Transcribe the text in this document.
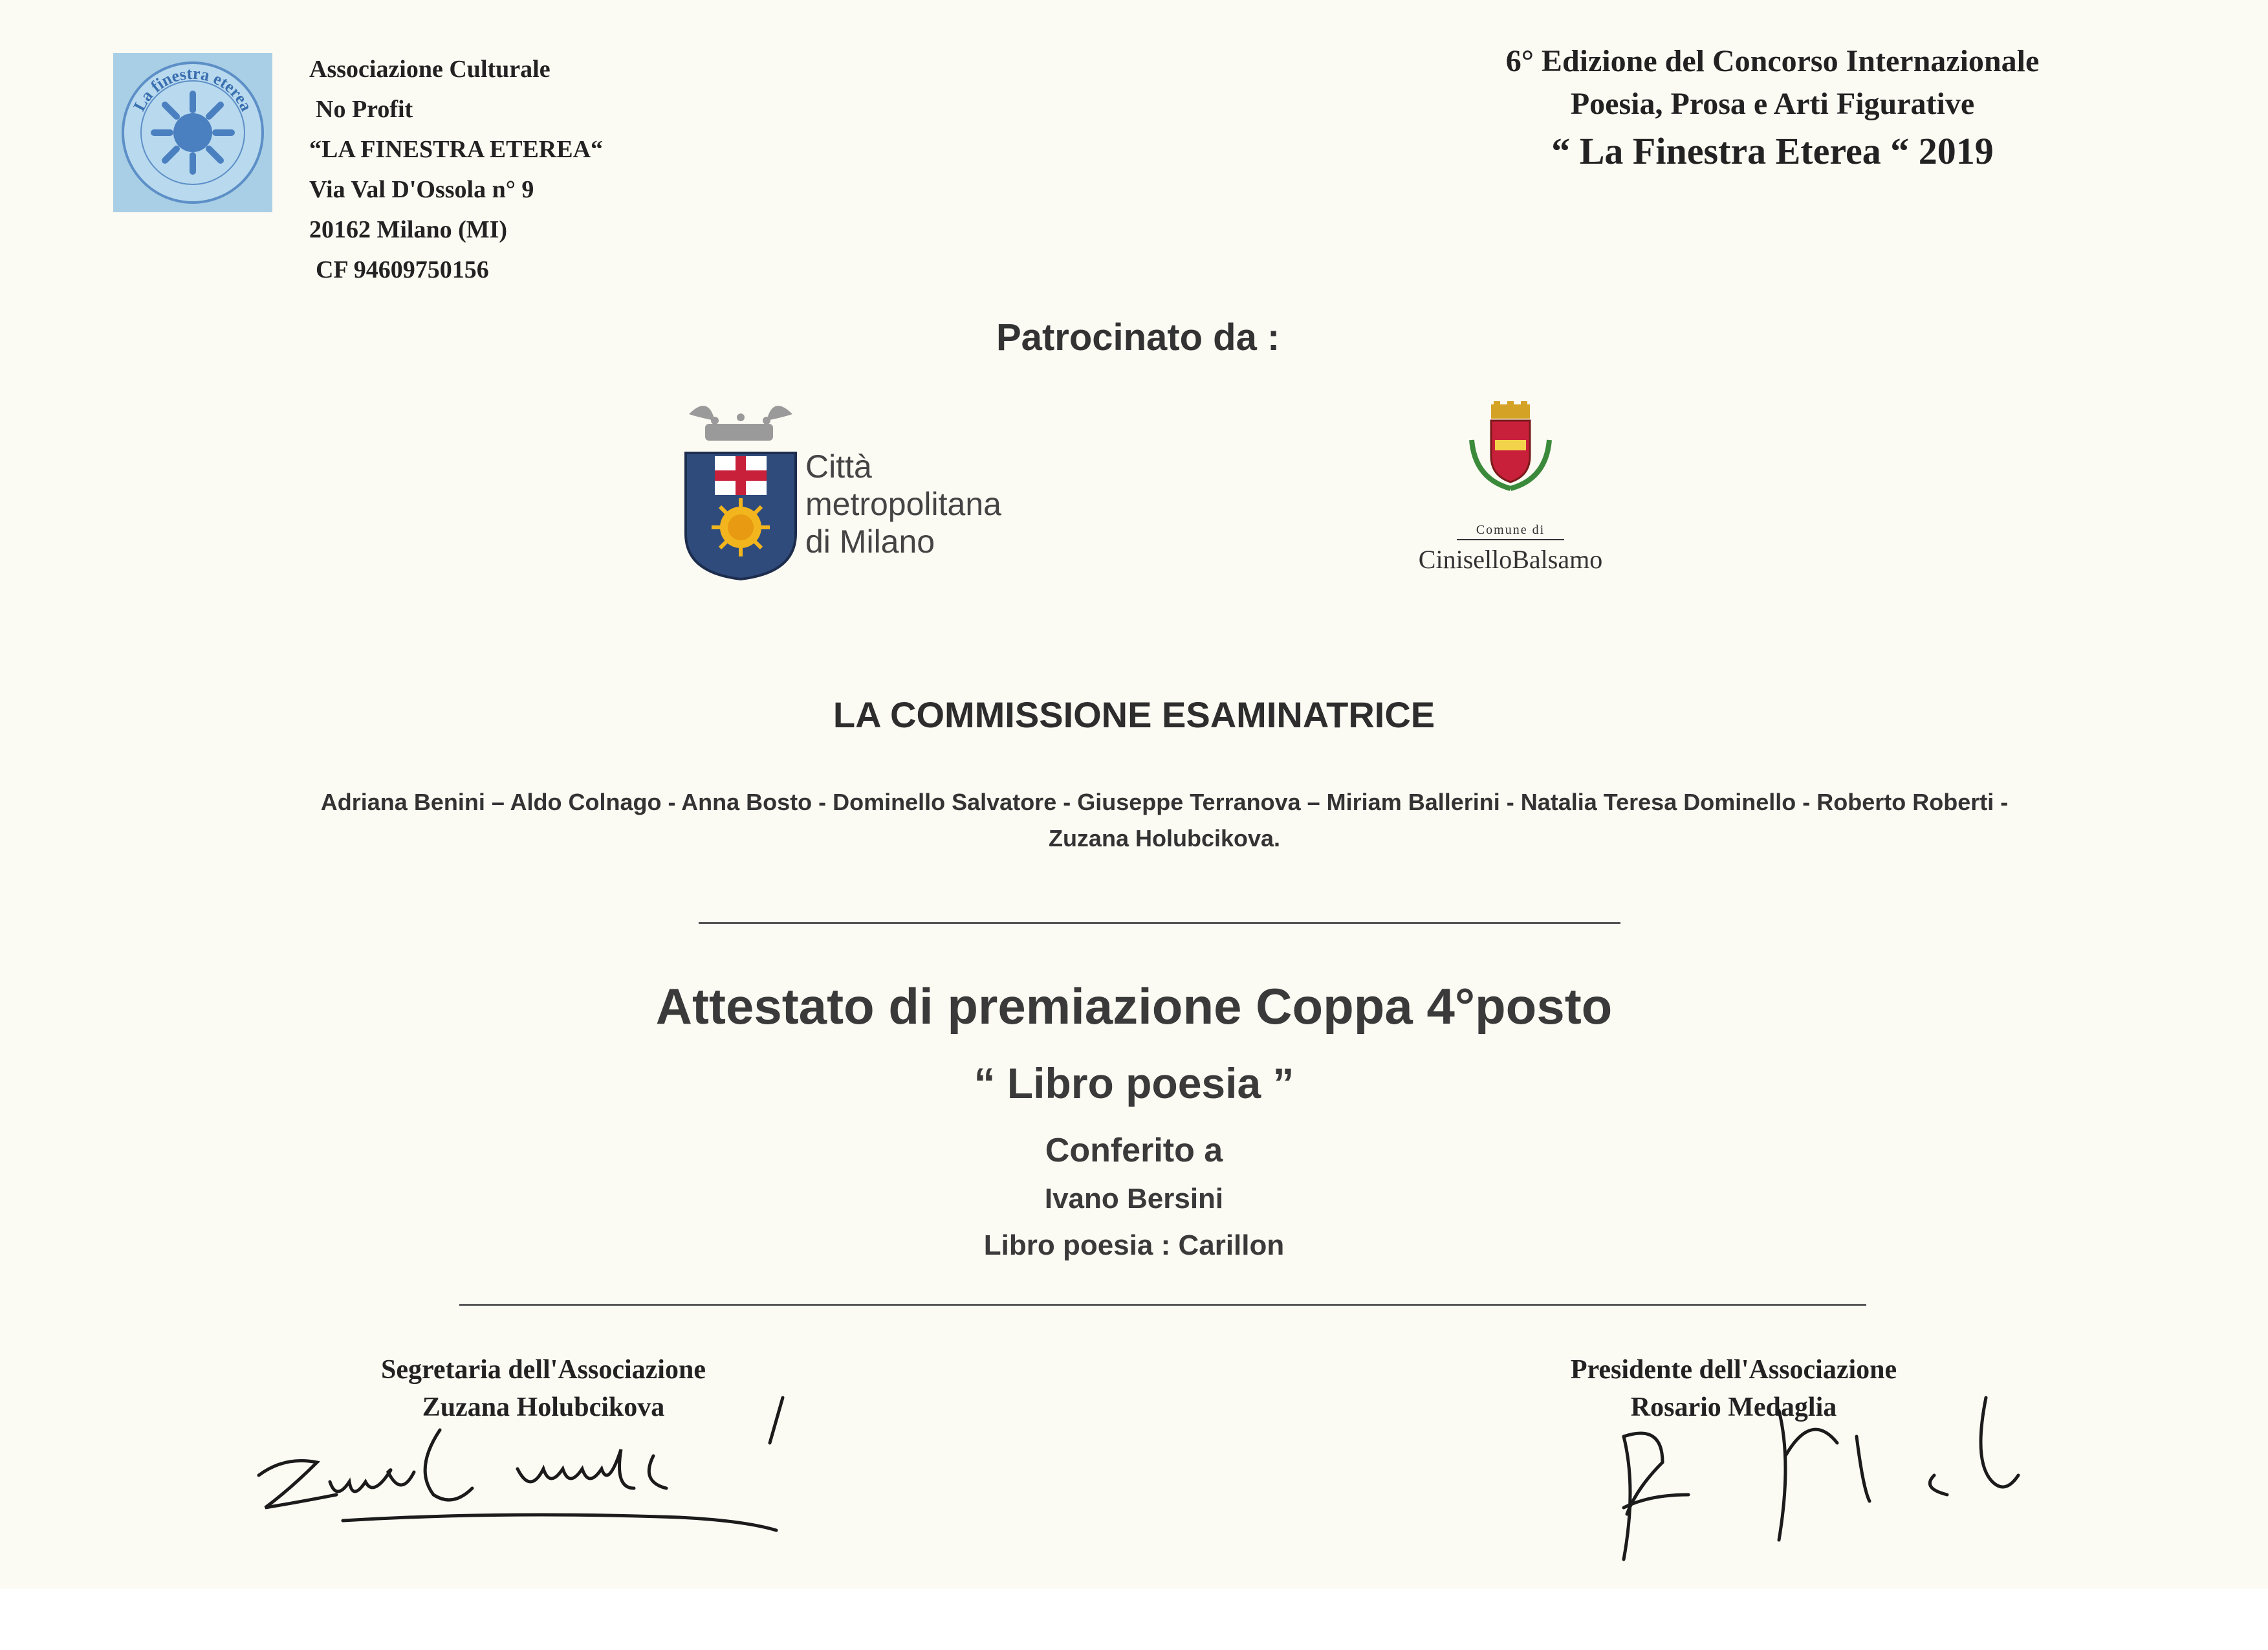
La finestra eterea
Associazione Culturale
No Profit
“LA FINESTRA ETEREA“
Via Val D'Ossola n° 9
20162 Milano (MI)
CF 94609750156
6° Edizione del Concorso Internazionale
Poesia, Prosa e Arti Figurative
“ La Finestra Eterea “ 2019
Patrocinato da :
Città
metropolitana
di Milano	Comune di
CiniselloBalsamo
LA COMMISSIONE ESAMINATRICE
Adriana Benini – Aldo Colnago - Anna Bosto - Dominello Salvatore - Giuseppe Terranova – Miriam Ballerini - Natalia Teresa Dominello - Roberto Roberti -
Zuzana Holubcikova.
Attestato di premiazione Coppa 4°posto
“ Libro poesia ”
Conferito a
Ivano Bersini
Libro poesia : Carillon
Segretaria dell'Associazione
Zuzana Holubcikova
Presidente dell'Associazione
Rosario Medaglia
